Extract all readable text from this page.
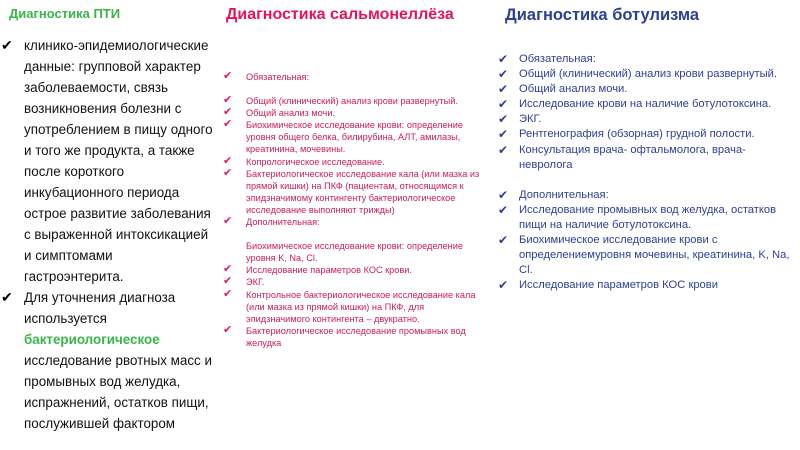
Диагностика ПТИ
✔ клинико-эпидемиологические данные: групповой характер заболеваемости, связь возникновения болезни с употреблением в пищу одного и того же продукта, а также после короткого инкубационного периода острое развитие заболевания с выраженной интоксикацией и симптомами гастроэнтерита.
✔ Для уточнения диагноза используется бактериологическое исследование рвотных масс и промывных вод желудка, испражнений, остатков пищи, послужившей фактором
Диагностика сальмонеллёза
✔ Обязательная:
✔ Общий (клинический) анализ крови развернутый.
✔ Общий анализ мочи.
✔ Биохимическое исследование крови: определение уровня общего белка, билирубина, АЛТ, амилазы, креатинина, мочевины.
✔ Копрологическое исследование.
✔ Бактериологическое исследование кала (или мазка из прямой кишки) на ПКФ (пациентам, относящимся к эпидзначимому контингенту бактериологическое исследование выполняют трижды)
✔ Дополнительная:
Биохимическое исследование крови: определение уровня K, Na, Cl.
✔ Исследование параметров КОС крови.
✔ ЭКГ.
✔ Контрольное бактериологическое исследование кала (или мазка из прямой кишки) на ПКФ, для эпидзначимого контингента – двукратно.
✔ Бактериологическое исследование промывных вод желудка
Диагностика ботулизма
✔ Обязательная:
✔ Общий (клинический) анализ крови развернутый.
✔ Общий анализ мочи.
✔ Исследование крови на наличие ботулотоксина.
✔ ЭКГ.
✔ Рентгенография (обзорная) грудной полости.
✔ Консультация врача- офтальмолога, врача-невролога
✔ Дополнительная:
✔ Исследование промывных вод желудка, остатков пищи на наличие ботулотоксина.
✔ Биохимическое исследование крови с определениемуровня мочевины, креатинина, K, Na, Cl.
✔ Исследование параметров КОС крови
